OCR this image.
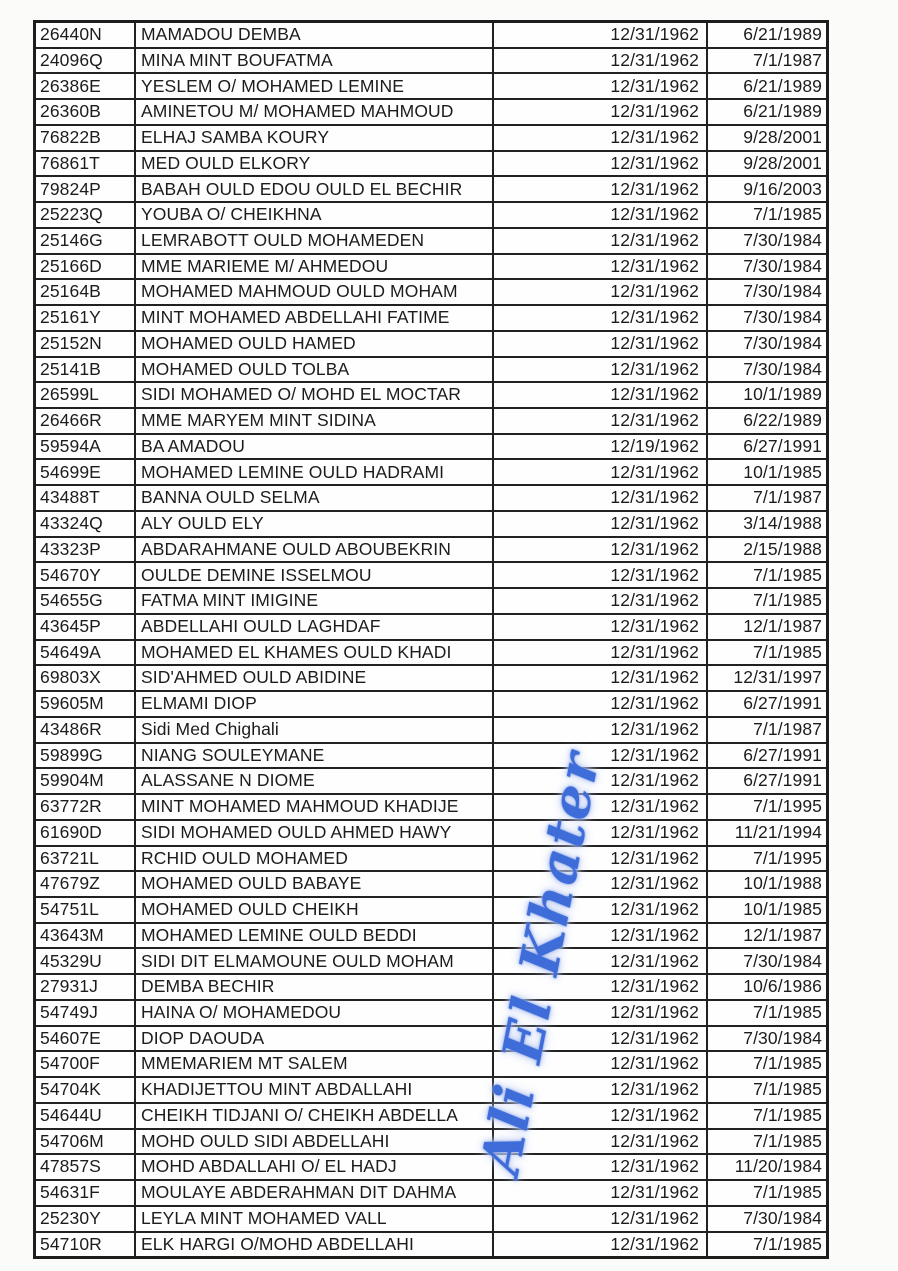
26440N	MAMADOU DEMBA	12/31/1962	6/21/1989
24096Q	MINA MINT BOUFATMA	12/31/1962	7/1/1987
26386E	YESLEM O/ MOHAMED LEMINE	12/31/1962	6/21/1989
26360B	AMINETOU M/ MOHAMED MAHMOUD	12/31/1962	6/21/1989
76822B	ELHAJ SAMBA KOURY	12/31/1962	9/28/2001
76861T	MED OULD ELKORY	12/31/1962	9/28/2001
79824P	BABAH OULD EDOU OULD EL BECHIR	12/31/1962	9/16/2003
25223Q	YOUBA O/ CHEIKHNA	12/31/1962	7/1/1985
25146G	LEMRABOTT OULD MOHAMEDEN	12/31/1962	7/30/1984
25166D	MME MARIEME M/ AHMEDOU	12/31/1962	7/30/1984
25164B	MOHAMED MAHMOUD OULD MOHAM	12/31/1962	7/30/1984
25161Y	MINT MOHAMED ABDELLAHI FATIME	12/31/1962	7/30/1984
25152N	MOHAMED OULD HAMED	12/31/1962	7/30/1984
25141B	MOHAMED OULD TOLBA	12/31/1962	7/30/1984
26599L	SIDI MOHAMED O/ MOHD EL MOCTAR	12/31/1962	10/1/1989
26466R	MME MARYEM MINT SIDINA	12/31/1962	6/22/1989
59594A	BA AMADOU	12/19/1962	6/27/1991
54699E	MOHAMED LEMINE OULD HADRAMI	12/31/1962	10/1/1985
43488T	BANNA OULD SELMA	12/31/1962	7/1/1987
43324Q	ALY OULD ELY	12/31/1962	3/14/1988
43323P	ABDARAHMANE OULD ABOUBEKRIN	12/31/1962	2/15/1988
54670Y	OULDE DEMINE ISSELMOU	12/31/1962	7/1/1985
54655G	FATMA MINT IMIGINE	12/31/1962	7/1/1985
43645P	ABDELLAHI OULD LAGHDAF	12/31/1962	12/1/1987
54649A	MOHAMED EL KHAMES OULD KHADI	12/31/1962	7/1/1985
69803X	SID'AHMED OULD ABIDINE	12/31/1962	12/31/1997
59605M	ELMAMI DIOP	12/31/1962	6/27/1991
43486R	Sidi Med Chighali	12/31/1962	7/1/1987
59899G	NIANG SOULEYMANE	12/31/1962	6/27/1991
59904M	ALASSANE N DIOME	12/31/1962	6/27/1991
63772R	MINT MOHAMED MAHMOUD KHADIJE	12/31/1962	7/1/1995
61690D	SIDI MOHAMED OULD AHMED HAWY	12/31/1962	11/21/1994
63721L	RCHID OULD MOHAMED	12/31/1962	7/1/1995
47679Z	MOHAMED OULD BABAYE	12/31/1962	10/1/1988
54751L	MOHAMED OULD CHEIKH	12/31/1962	10/1/1985
43643M	MOHAMED LEMINE OULD BEDDI	12/31/1962	12/1/1987
45329U	SIDI DIT ELMAMOUNE OULD MOHAM	12/31/1962	7/30/1984
27931J	DEMBA BECHIR	12/31/1962	10/6/1986
54749J	HAINA O/ MOHAMEDOU	12/31/1962	7/1/1985
54607E	DIOP DAOUDA	12/31/1962	7/30/1984
54700F	MMEMARIEM MT SALEM	12/31/1962	7/1/1985
54704K	KHADIJETTOU MINT ABDALLAHI	12/31/1962	7/1/1985
54644U	CHEIKH TIDJANI O/ CHEIKH ABDELLA	12/31/1962	7/1/1985
54706M	MOHD OULD SIDI ABDELLAHI	12/31/1962	7/1/1985
47857S	MOHD ABDALLAHI O/ EL HADJ	12/31/1962	11/20/1984
54631F	MOULAYE ABDERAHMAN DIT DAHMA	12/31/1962	7/1/1985
25230Y	LEYLA MINT MOHAMED VALL	12/31/1962	7/30/1984
54710R	ELK HARGI O/MOHD ABDELLAHI	12/31/1962	7/1/1985
Ali El Khater
